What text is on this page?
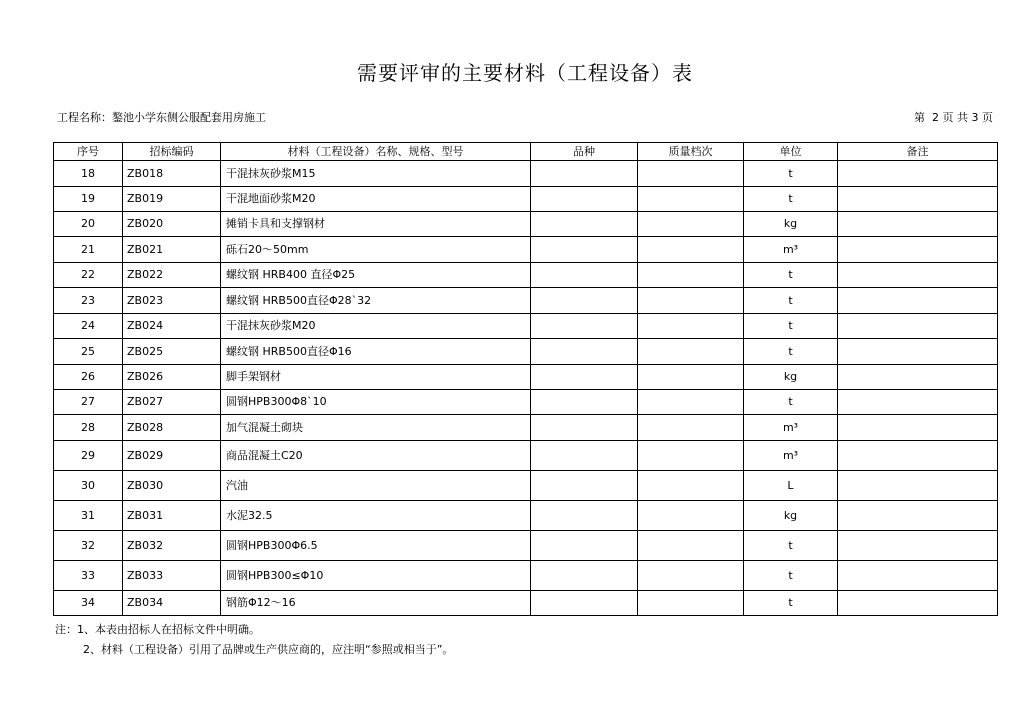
需要评审的主要材料（工程设备）表
工程名称：鏊池小学东侧公服配套用房施工	第  2 页 共 3 页
序号	招标编码	材料（工程设备）名称、规格、型号	品种	质量档次	单位	备注
18	ZB018	干混抹灰砂浆M15			t	
19	ZB019	干混地面砂浆M20			t	
20	ZB020	摊销卡具和支撑钢材			kg	
21	ZB021	砾石20～50mm			m³	
22	ZB022	螺纹钢 HRB400 直径Φ25			t	
23	ZB023	螺纹钢 HRB500直径Φ28`32			t	
24	ZB024	干混抹灰砂浆M20			t	
25	ZB025	螺纹钢 HRB500直径Φ16			t	
26	ZB026	脚手架钢材			kg	
27	ZB027	圆钢HPB300Φ8`10			t	
28	ZB028	加气混凝土砌块			m³	
29	ZB029	商品混凝土C20			m³	
30	ZB030	汽油			L	
31	ZB031	水泥32.5			kg	
32	ZB032	圆钢HPB300Φ6.5			t	
33	ZB033	圆钢HPB300≤Φ10			t	
34	ZB034	钢筋Φ12～16			t	
注：1、本表由招标人在招标文件中明确。
2、材料（工程设备）引用了品牌或生产供应商的，应注明“参照或相当于”。
